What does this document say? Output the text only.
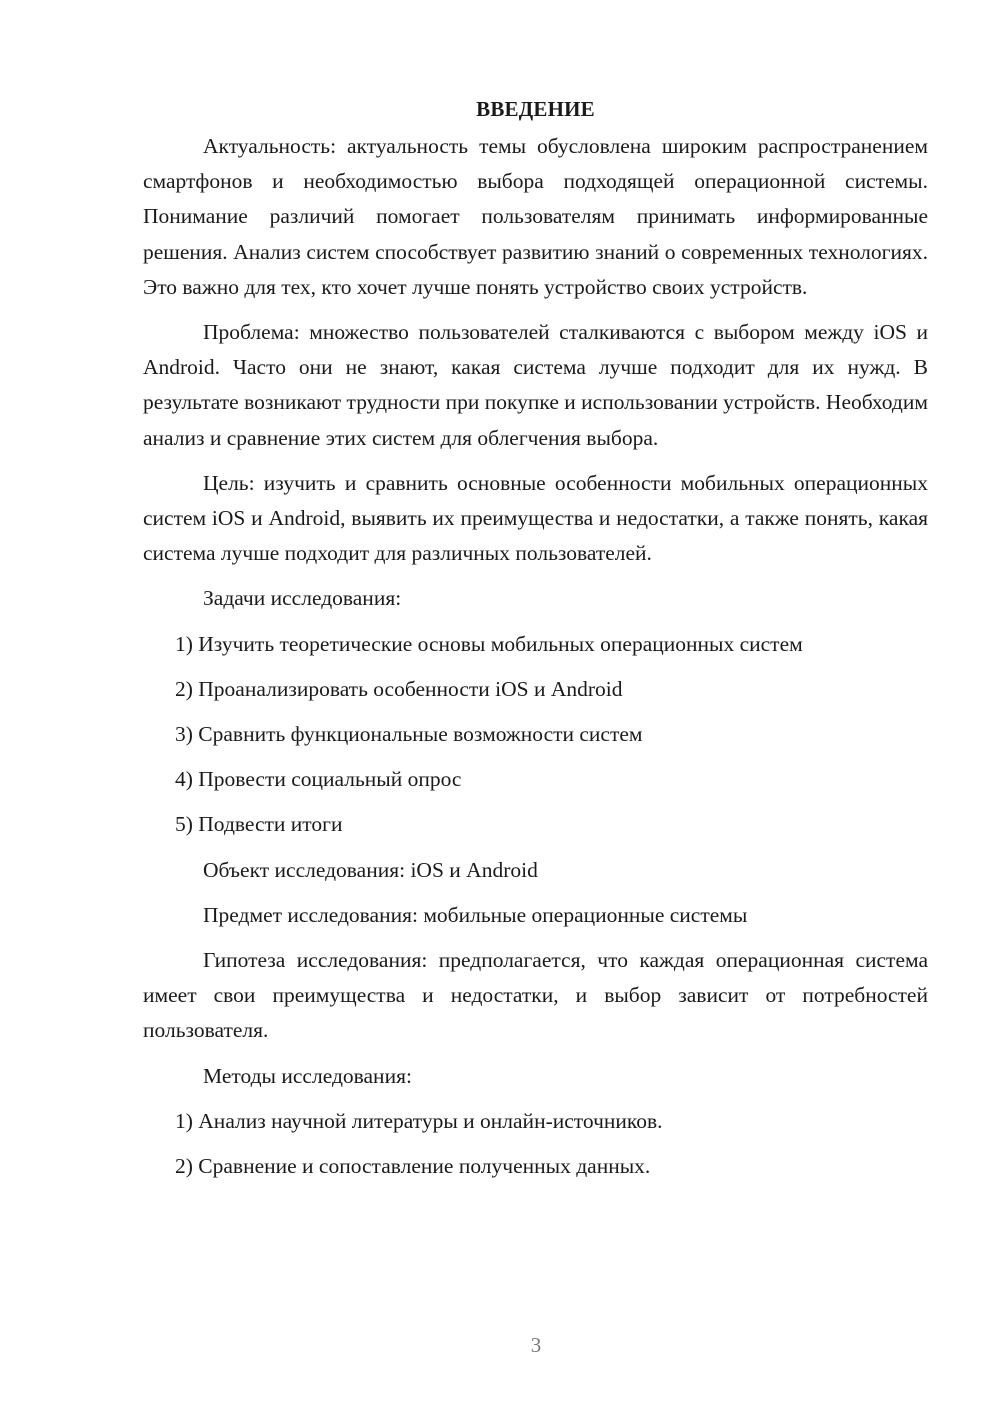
ВВЕДЕНИЕ

Актуальность: актуальность темы обусловлена широким распространением смартфонов и необходимостью выбора подходящей операционной системы. Понимание различий помогает пользователям принимать информированные решения. Анализ систем способствует развитию знаний о современных технологиях. Это важно для тех, кто хочет лучше понять устройство своих устройств.

Проблема: множество пользователей сталкиваются с выбором между iOS и Android. Часто они не знают, какая система лучше подходит для их нужд. В результате возникают трудности при покупке и использовании устройств. Необходим анализ и сравнение этих систем для облегчения выбора.

Цель: изучить и сравнить основные особенности мобильных операционных систем iOS и Android, выявить их преимущества и недостатки, а также понять, какая система лучше подходит для различных пользователей.

Задачи исследования:
1) Изучить теоретические основы мобильных операционных систем
2) Проанализировать особенности iOS и Android
3) Сравнить функциональные возможности систем
4) Провести социальный опрос
5) Подвести итоги
Объект исследования: iOS и Android
Предмет исследования: мобильные операционные системы

Гипотеза исследования: предполагается, что каждая операционная система имеет свои преимущества и недостатки, и выбор зависит от потребностей пользователя.

Методы исследования:
1) Анализ научной литературы и онлайн-источников.
2) Сравнение и сопоставление полученных данных.
3
